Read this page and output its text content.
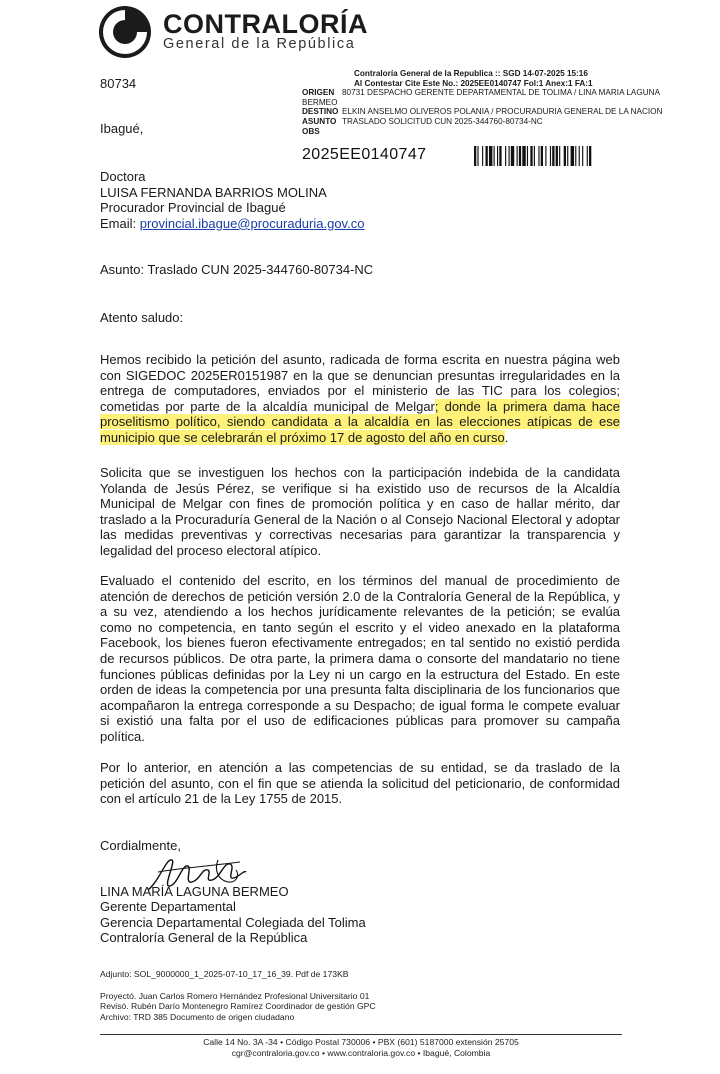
CONTRALORÍA
General de la República
Contraloría General de la Republica :: SGD 14-07-2025 15:16
Al Contestar Cite Este No.: 2025EE0140747 Fol:1 Anex:1 FA:1
ORIGEN 80731 DESPACHO GERENTE DEPARTAMENTAL DE TOLIMA / LINA MARIA LAGUNA BERMEO
DESTINO ELKIN ANSELMO OLIVEROS POLANIA / PROCURADURIA GENERAL DE LA NACION
ASUNTO TRASLADO SOLICITUD CUN 2025-344760-80734-NC
OBS
2025EE0140747
80734
Ibagué,
Doctora
LUISA FERNANDA BARRIOS MOLINA
Procurador Provincial de Ibagué
Email: provincial.ibague@procuraduria.gov.co
Asunto: Traslado CUN 2025-344760-80734-NC
Atento saludo:
Hemos recibido la petición del asunto, radicada de forma escrita en nuestra página web con SIGEDOC 2025ER0151987 en la que se denuncian presuntas irregularidades en la entrega de computadores, enviados por el ministerio de las TIC para los colegios; cometidas por parte de la alcaldía municipal de Melgar; donde la primera dama hace proselitismo político, siendo candidata a la alcaldía en las elecciones atípicas de ese municipio que se celebrarán el próximo 17 de agosto del año en curso.
Solicita que se investiguen los hechos con la participación indebida de la candidata Yolanda de Jesús Pérez, se verifique si ha existido uso de recursos de la Alcaldía Municipal de Melgar con fines de promoción política y en caso de hallar mérito, dar traslado a la Procuraduría General de la Nación o al Consejo Nacional Electoral y adoptar las medidas preventivas y correctivas necesarias para garantizar la transparencia y legalidad del proceso electoral atípico.
Evaluado el contenido del escrito, en los términos del manual de procedimiento de atención de derechos de petición versión 2.0 de la Contraloría General de la República, y a su vez, atendiendo a los hechos jurídicamente relevantes de la petición; se evalúa como no competencia, en tanto según el escrito y el video anexado en la plataforma Facebook, los bienes fueron efectivamente entregados; en tal sentido no existió perdida de recursos públicos. De otra parte, la primera dama o consorte del mandatario no tiene funciones públicas definidas por la Ley ni un cargo en la estructura del Estado. En este orden de ideas la competencia por una presunta falta disciplinaria de los funcionarios que acompañaron la entrega corresponde a su Despacho; de igual forma le compete evaluar si existió una falta por el uso de edificaciones públicas para promover su campaña política.
Por lo anterior, en atención a las competencias de su entidad, se da traslado de la petición del asunto, con el fin que se atienda la solicitud del peticionario, de conformidad con el artículo 21 de la Ley 1755 de 2015.
Cordialmente,
LINA MARÍA LAGUNA BERMEO
Gerente Departamental
Gerencia Departamental Colegiada del Tolima
Contraloría General de la República
Adjunto: SOL_9000000_1_2025-07-10_17_16_39. Pdf de 173KB
Proyectó. Juan Carlos Romero Hernández Profesional Universitario 01
Revisó. Rubén Darío Montenegro Ramírez Coordinador de gestión GPC
Archivo: TRD 385 Documento de origen ciudadano
Calle 14 No. 3A -34 • Código Postal 730006 • PBX (601) 5187000 extensión 25705
cgr@contraloria.gov.co • www.contraloria.gov.co • Ibagué, Colombia
